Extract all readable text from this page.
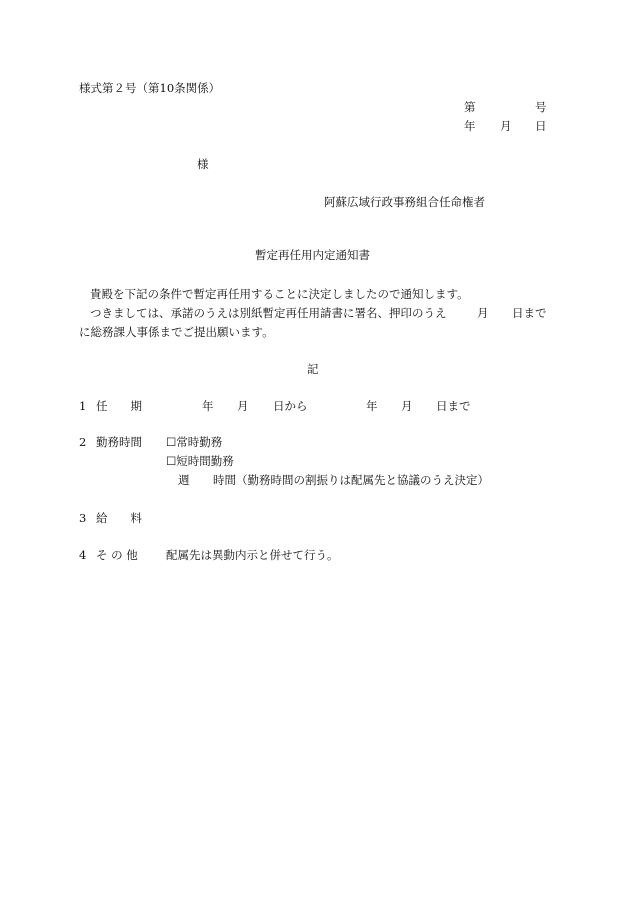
様式第２号（第10条関係）
第	号
年 月 日
様
阿蘇広域行政事務組合任命権者
暫定再任用内定通知書
貴殿を下記の条件で暫定再任用することに決定しましたので通知します。
つきましては、承諾のうえは別紙暫定再任用請書に署名、押印のうえ	月 日まで
に総務課人事係までご提出願います。
記
1 任　　期	年 月 日から	年 月 日まで
2 勤務時間 ☐常時勤務
☐短時間勤務
週 時間（勤務時間の割振りは配属先と協議のうえ決定）
3 給　　料
4 そ の 他 配属先は異動内示と併せて行う。
